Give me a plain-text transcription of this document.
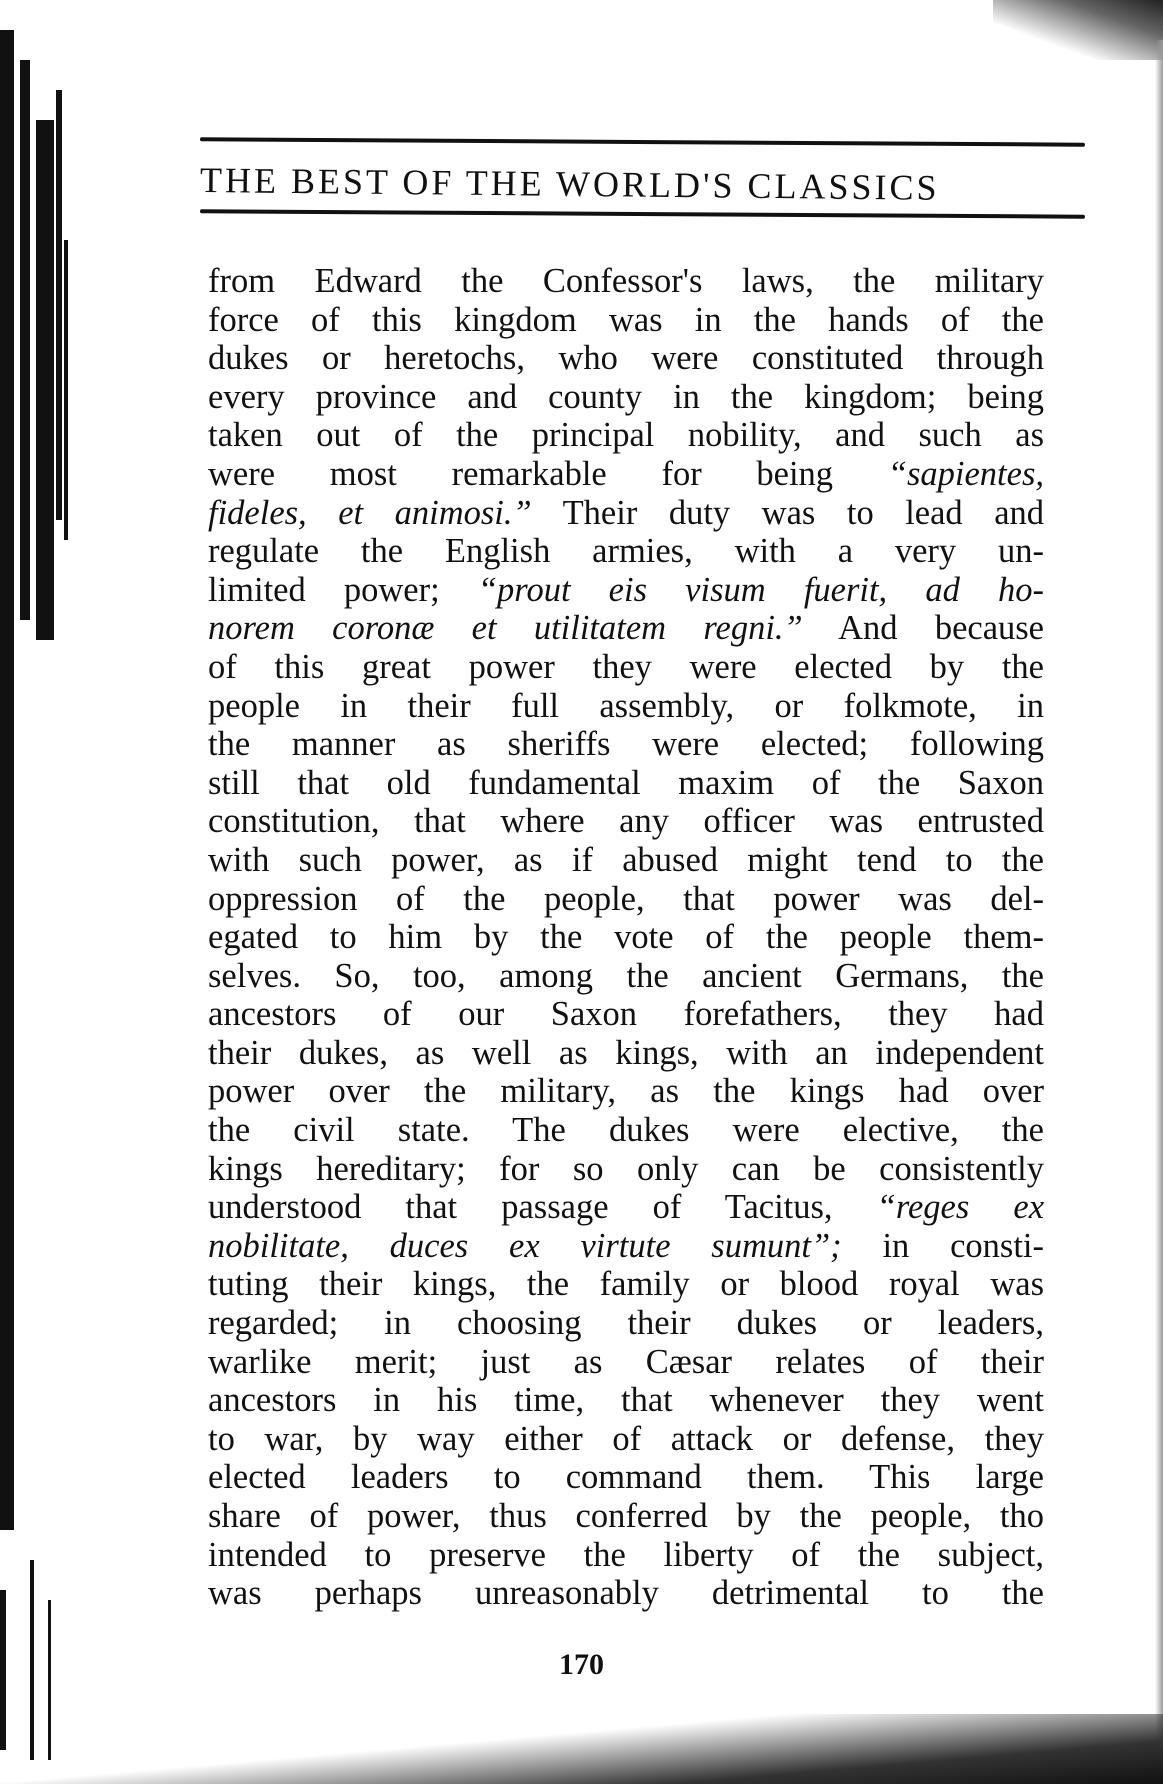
THE BEST OF THE WORLD'S CLASSICS
from Edward the Confessor's laws, the military
force of this kingdom was in the hands of the
dukes or heretochs, who were constituted through
every province and county in the kingdom; being
taken out of the principal nobility, and such as
were most remarkable for being “sapientes,
fideles, et animosi.” Their duty was to lead and
regulate the English armies, with a very un-
limited power; “prout eis visum fuerit, ad ho-
norem coronæ et utilitatem regni.” And because
of this great power they were elected by the
people in their full assembly, or folkmote, in
the manner as sheriffs were elected; following
still that old fundamental maxim of the Saxon
constitution, that where any officer was entrusted
with such power, as if abused might tend to the
oppression of the people, that power was del-
egated to him by the vote of the people them-
selves. So, too, among the ancient Germans, the
ancestors of our Saxon forefathers, they had
their dukes, as well as kings, with an independent
power over the military, as the kings had over
the civil state. The dukes were elective, the
kings hereditary; for so only can be consistently
understood that passage of Tacitus, “reges ex
nobilitate, duces ex virtute sumunt”; in consti-
tuting their kings, the family or blood royal was
regarded; in choosing their dukes or leaders,
warlike merit; just as Cæsar relates of their
ancestors in his time, that whenever they went
to war, by way either of attack or defense, they
elected leaders to command them. This large
share of power, thus conferred by the people, tho
intended to preserve the liberty of the subject,
was perhaps unreasonably detrimental to the
170
